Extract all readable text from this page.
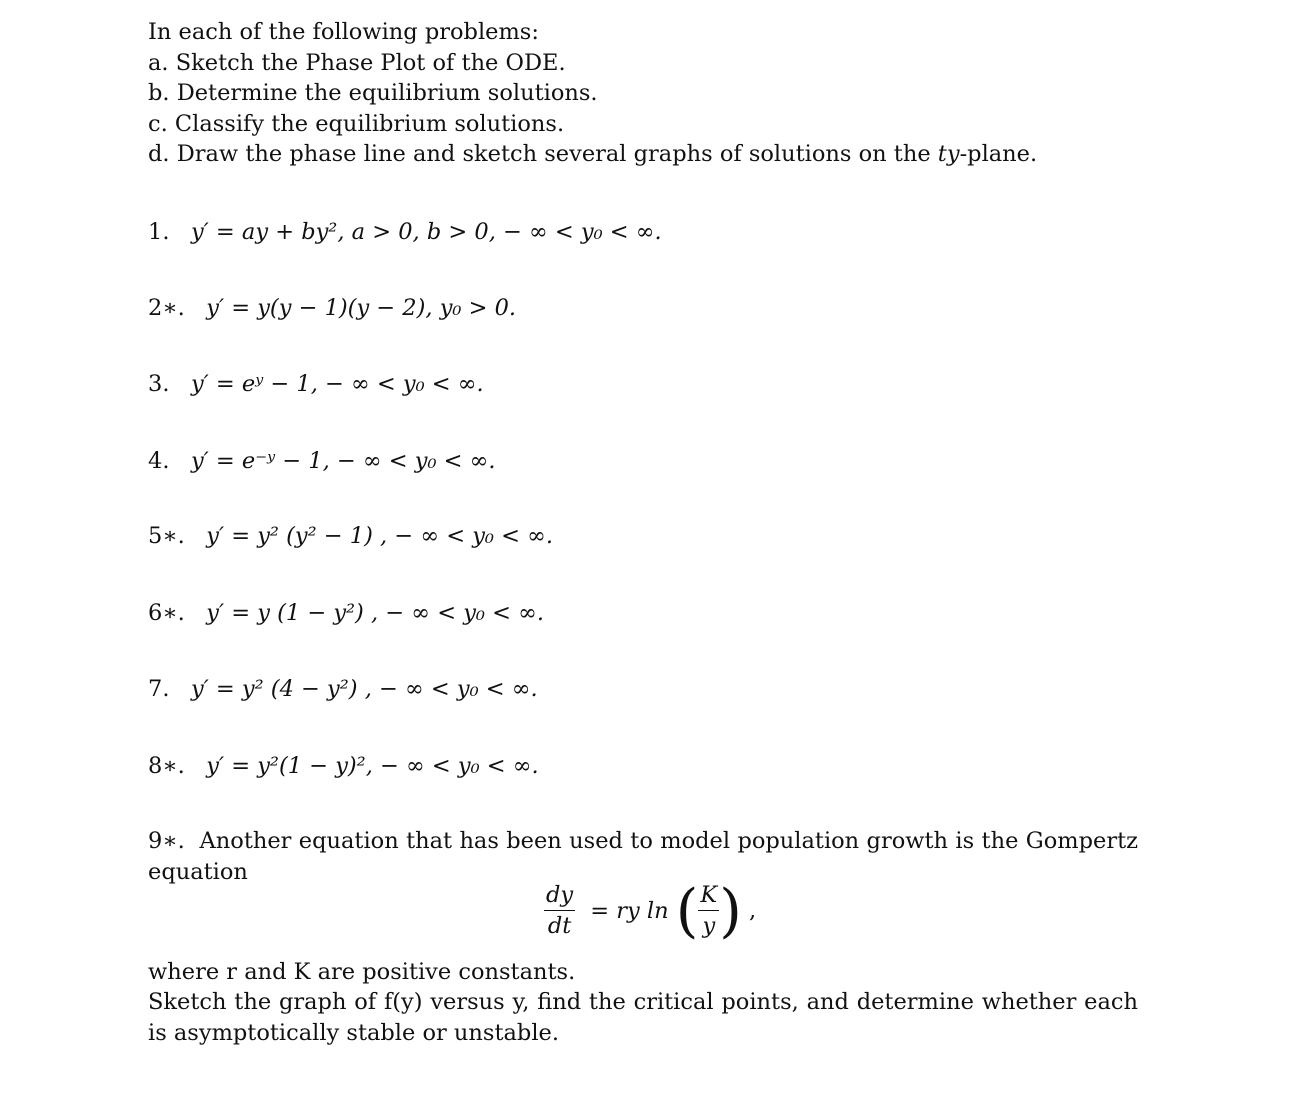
In each of the following problems:
a. Sketch the Phase Plot of the ODE.
b. Determine the equilibrium solutions.
c. Classify the equilibrium solutions.
d. Draw the phase line and sketch several graphs of solutions on the ty-plane.
1. y′ = ay + by², a > 0, b > 0, − ∞ < y₀ < ∞.
2∗. y′ = y(y − 1)(y − 2), y₀ > 0.
3. y′ = eʸ − 1, − ∞ < y₀ < ∞.
4. y′ = e⁻ʸ − 1, − ∞ < y₀ < ∞.
5∗. y′ = y² (y² − 1) , − ∞ < y₀ < ∞.
6∗. y′ = y (1 − y²) , − ∞ < y₀ < ∞.
7. y′ = y² (4 − y²) , − ∞ < y₀ < ∞.
8∗. y′ = y²(1 − y)², − ∞ < y₀ < ∞.
9∗. Another equation that has been used to model population growth is the Gompertz equation
$\frac{dy}{dt}$ = ry ln ( $\frac{K}{y}$ ) ,
where r and K are positive constants.
Sketch the graph of f(y) versus y, find the critical points, and determine whether each is asymptotically stable or unstable.
